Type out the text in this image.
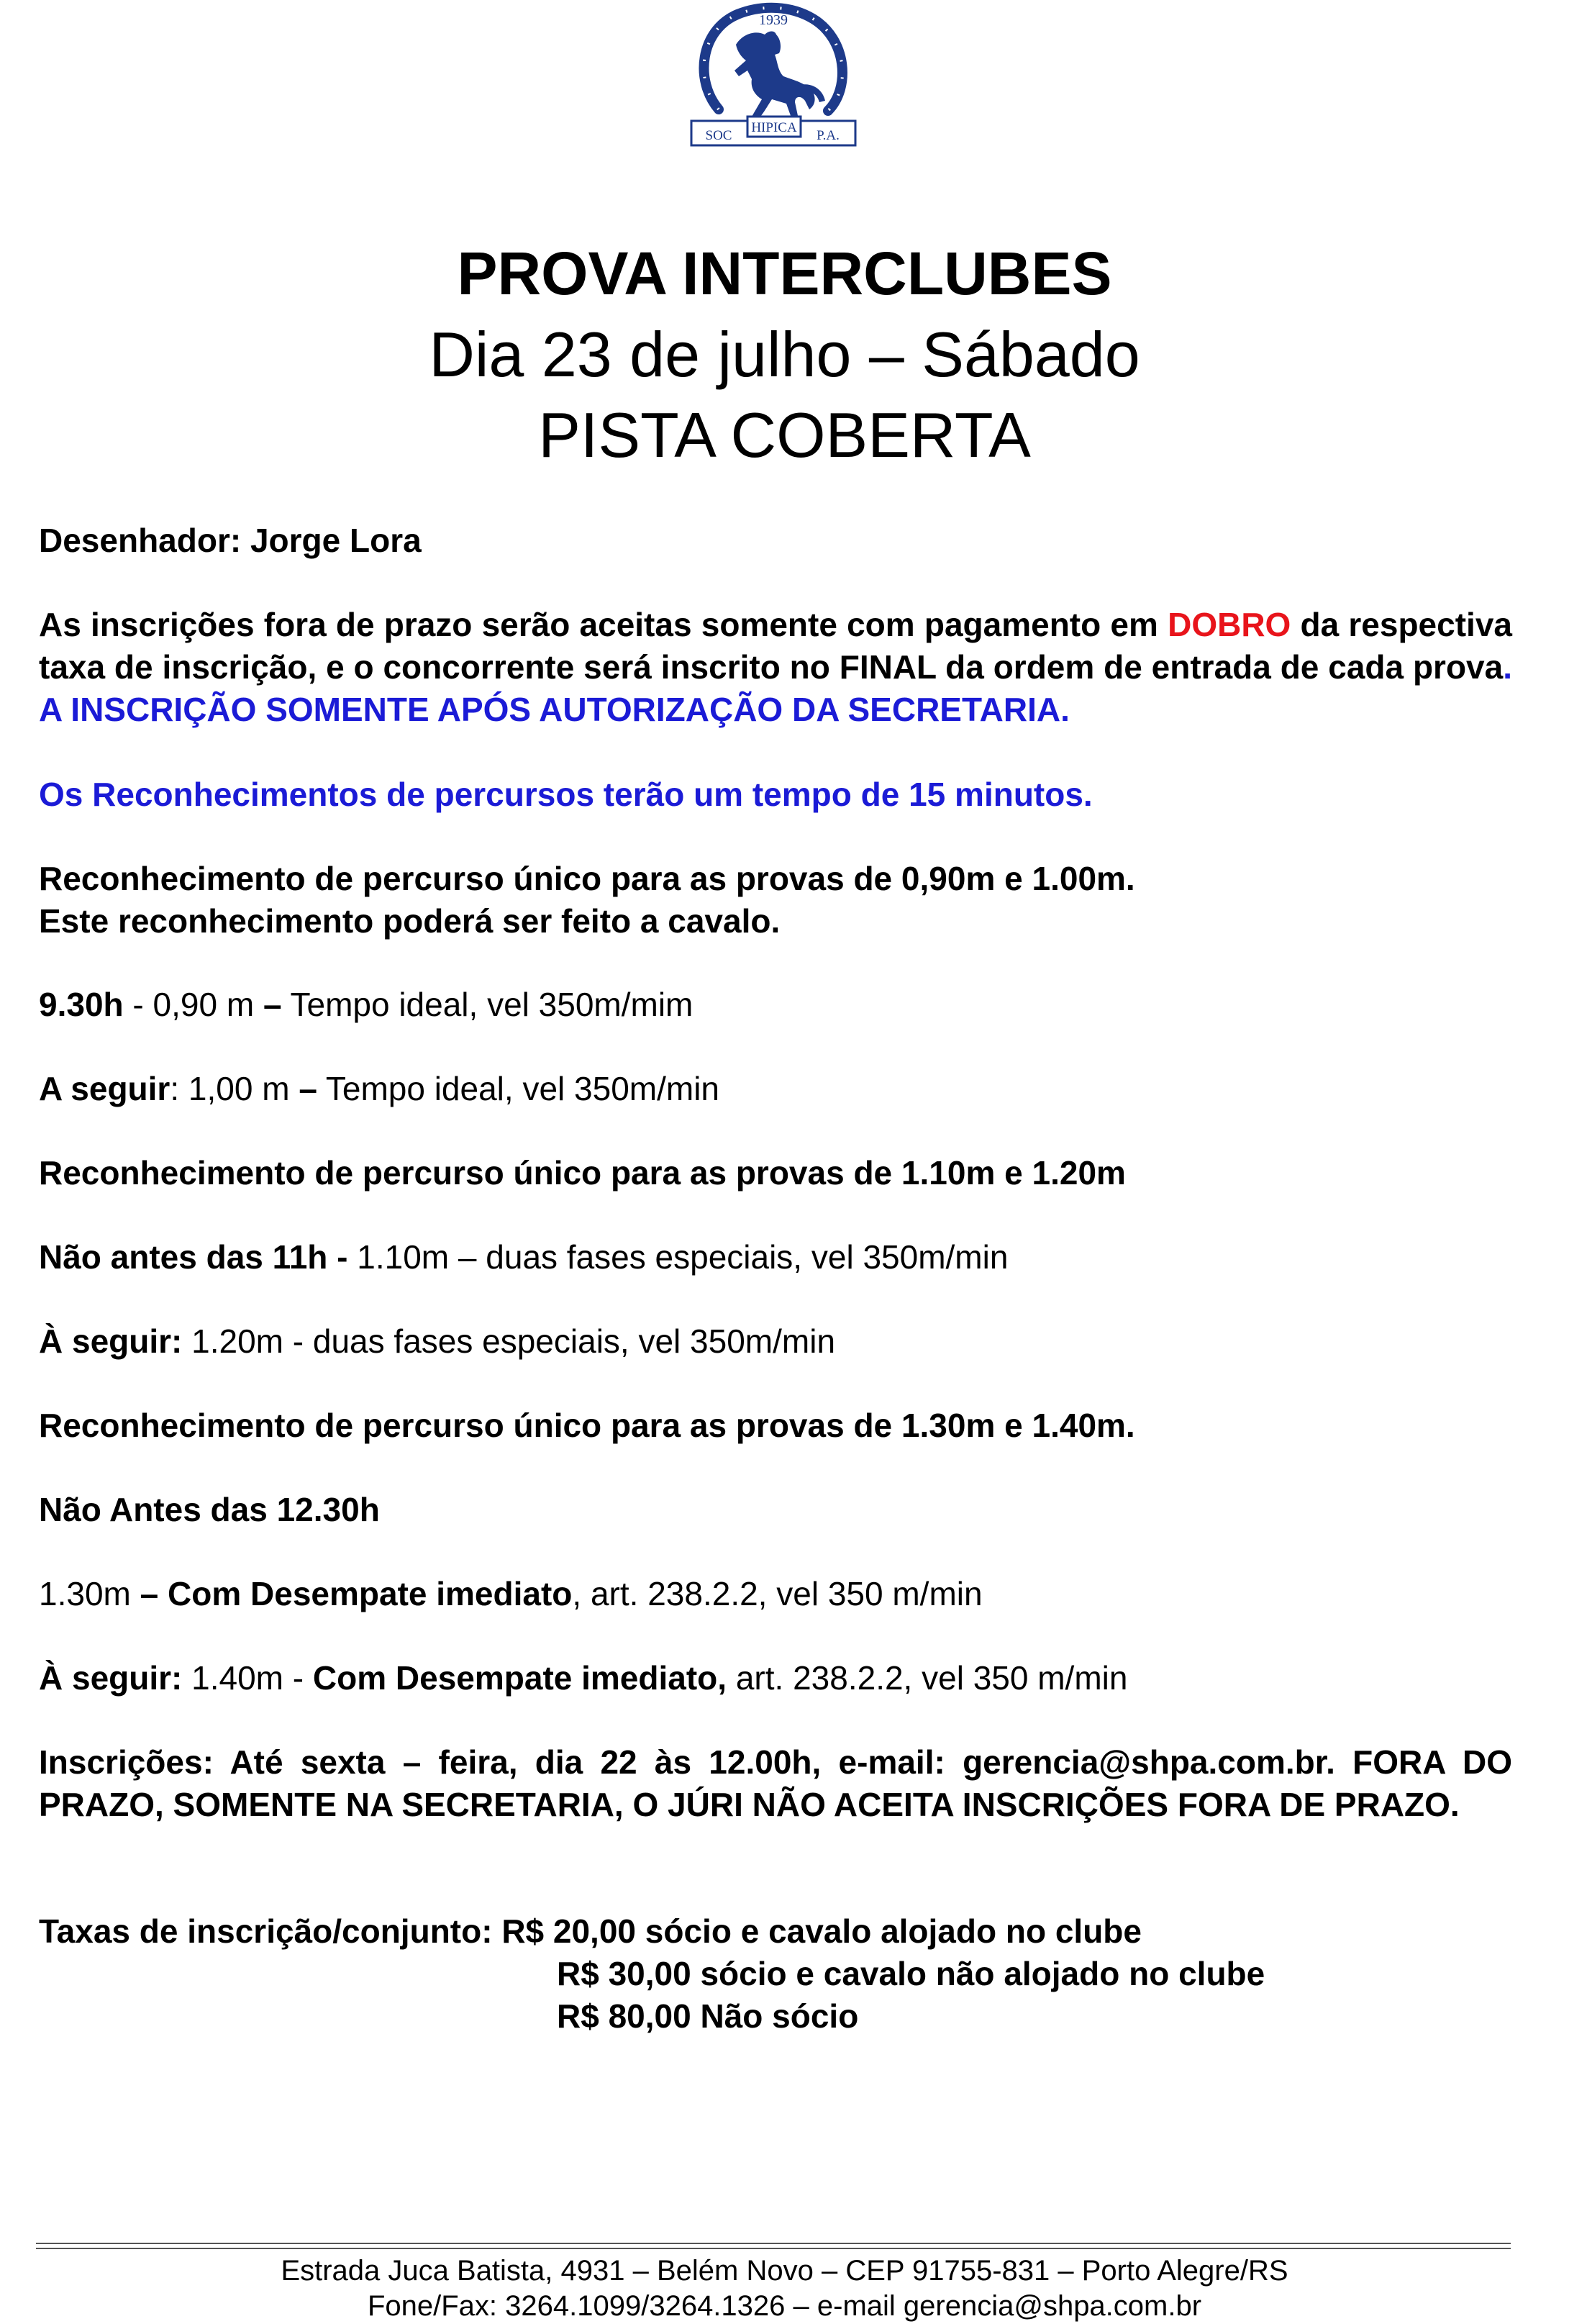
1939
SOC
HIPICA
P.A.
PROVA INTERCLUBES
Dia 23 de julho – Sábado
PISTA COBERTA
Desenhador: Jorge Lora
As inscrições fora de prazo serão aceitas somente com pagamento em DOBRO da respectiva taxa de inscrição, e o concorrente será inscrito no FINAL da ordem de entrada de cada prova. A INSCRIÇÃO SOMENTE APÓS AUTORIZAÇÃO DA SECRETARIA.
Os Reconhecimentos de percursos terão um tempo de 15 minutos.
Reconhecimento de percurso único para as provas de 0,90m e 1.00m.
Este reconhecimento poderá ser feito a cavalo.
9.30h - 0,90 m – Tempo ideal, vel 350m/mim
A seguir: 1,00 m – Tempo ideal, vel 350m/min
Reconhecimento de percurso único para as provas de 1.10m e 1.20m
Não antes das 11h - 1.10m – duas fases especiais, vel 350m/min
À seguir: 1.20m - duas fases especiais, vel 350m/min
Reconhecimento de percurso único para as provas de 1.30m e 1.40m.
Não Antes das 12.30h
1.30m – Com Desempate imediato, art. 238.2.2, vel 350 m/min
À seguir: 1.40m - Com Desempate imediato, art. 238.2.2, vel 350 m/min
Inscrições: Até sexta – feira, dia 22 às 12.00h, e-mail: gerencia@shpa.com.br. FORA DO PRAZO, SOMENTE NA SECRETARIA, O JÚRI NÃO ACEITA INSCRIÇÕES FORA DE PRAZO.
Taxas de inscrição/conjunto: R$ 20,00 sócio e cavalo alojado no clube
R$ 30,00 sócio e cavalo não alojado no clube
R$ 80,00 Não sócio
Estrada Juca Batista, 4931 – Belém Novo – CEP 91755-831 – Porto Alegre/RS
Fone/Fax: 3264.1099/3264.1326 – e-mail gerencia@shpa.com.br
